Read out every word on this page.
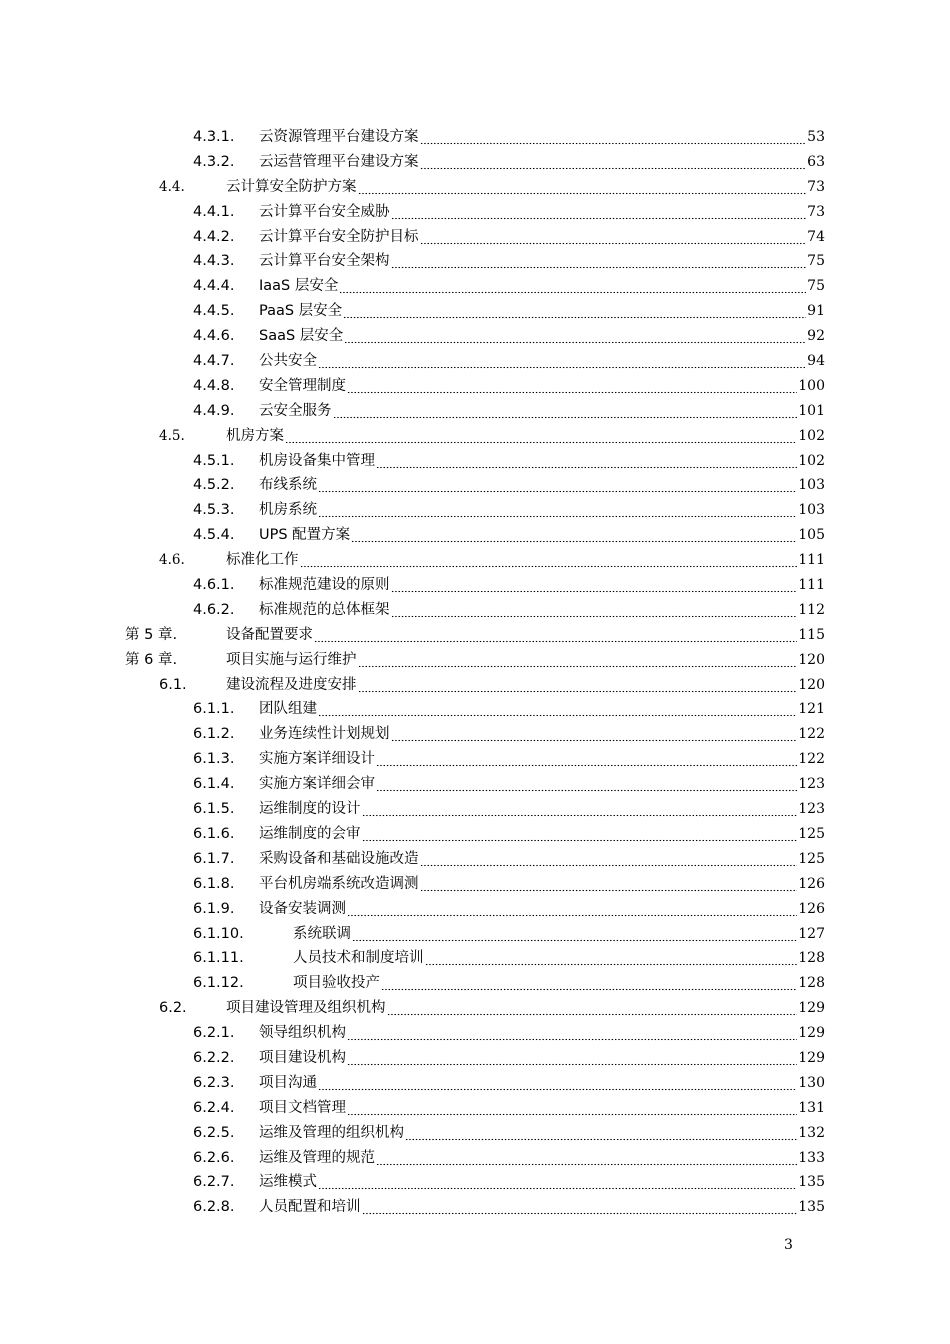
4.3.1. 云资源管理平台建设方案	53
4.3.2. 云运营管理平台建设方案	63
4.4.	云计算安全防护方案	73
4.4.1. 云计算平台安全威胁	73
4.4.2. 云计算平台安全防护目标	74
4.4.3. 云计算平台安全架构	75
4.4.4. IaaS 层安全	75
4.4.5. PaaS 层安全	91
4.4.6. SaaS 层安全	92
4.4.7. 公共安全	94
4.4.8. 安全管理制度	100
4.4.9. 云安全服务	101
4.5.	机房方案	102
4.5.1. 机房设备集中管理	102
4.5.2. 布线系统	103
4.5.3. 机房系统	103
4.5.4. UPS 配置方案	105
4.6.	标准化工作	111
4.6.1. 标准规范建设的原则	111
4.6.2. 标准规范的总体框架	112
第 5 章.	设备配置要求	115
第 6 章.	项目实施与运行维护	120
6.1.	建设流程及进度安排	120
6.1.1. 团队组建	121
6.1.2. 业务连续性计划规划	122
6.1.3. 实施方案详细设计	122
6.1.4. 实施方案详细会审	123
6.1.5. 运维制度的设计	123
6.1.6. 运维制度的会审	125
6.1.7. 采购设备和基础设施改造	125
6.1.8. 平台机房端系统改造调测	126
6.1.9. 设备安装调测	126
6.1.10.	系统联调	127
6.1.11.	人员技术和制度培训	128
6.1.12.	项目验收投产	128
6.2.	项目建设管理及组织机构	129
6.2.1. 领导组织机构	129
6.2.2. 项目建设机构	129
6.2.3. 项目沟通	130
6.2.4. 项目文档管理	131
6.2.5. 运维及管理的组织机构	132
6.2.6. 运维及管理的规范	133
6.2.7. 运维模式	135
6.2.8. 人员配置和培训	135
3
